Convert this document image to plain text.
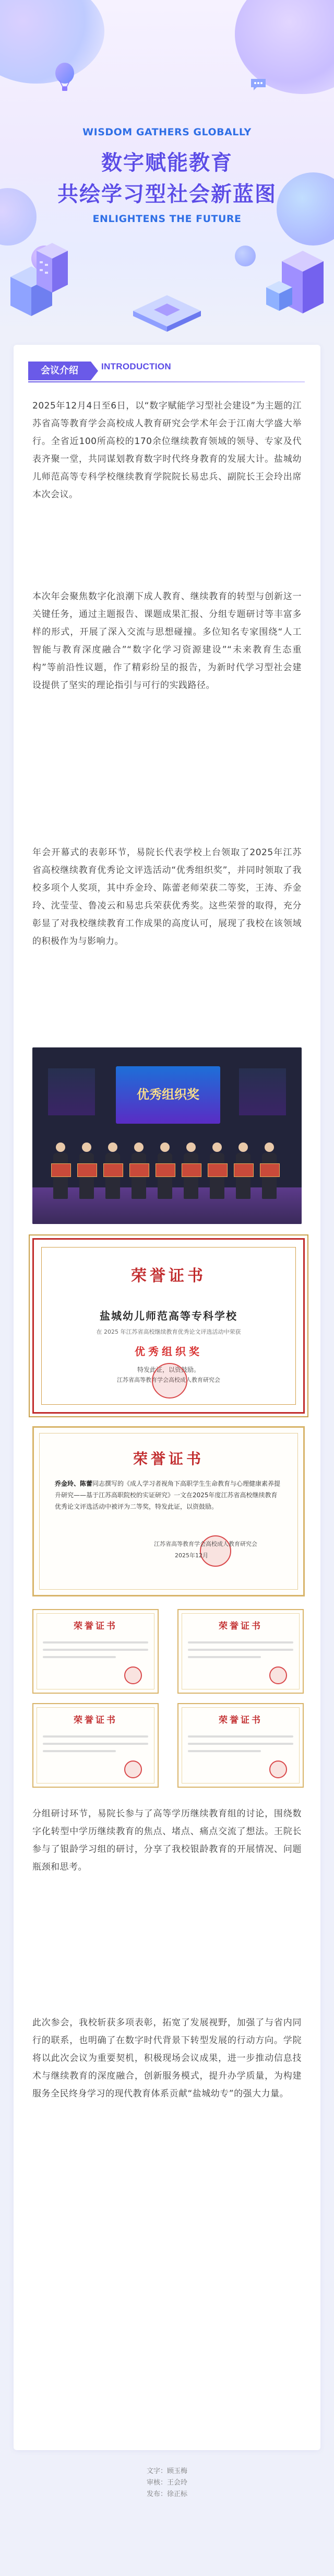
WISDOM GATHERS GLOBALLY
数字赋能教育
共绘学习型社会新蓝图
ENLIGHTENS THE FUTURE
会议介绍	INTRODUCTION

2025年12月4日至6日，以“数字赋能学习型社会建设”为主题的江苏省高等教育学会高校成人教育研究会学术年会于江南大学盛大举行。全省近100所高校的170余位继续教育领域的领导、专家及代表齐聚一堂，共同谋划教育数字时代终身教育的发展大计。盐城幼儿师范高等专科学校继续教育学院院长易忠兵、副院长王会玲出席本次会议。

本次年会聚焦数字化浪潮下成人教育、继续教育的转型与创新这一关键任务，通过主题报告、课题成果汇报、分组专题研讨等丰富多样的形式，开展了深入交流与思想碰撞。多位知名专家围绕“人工智能与教育深度融合”“数字化学习资源建设”“未来教育生态重构”等前沿性议题，作了精彩纷呈的报告，为新时代学习型社会建设提供了坚实的理论指引与可行的实践路径。

年会开幕式的表彰环节，易院长代表学校上台领取了2025年江苏省高校继续教育优秀论文评选活动“优秀组织奖”，并同时领取了我校多项个人奖项，其中乔金玲、陈蕾老师荣获二等奖，王涛、乔金玲、沈莹莹、鲁凌云和易忠兵荣获优秀奖。这些荣誉的取得，充分彰显了对我校继续教育工作成果的高度认可，展现了我校在该领域的积极作为与影响力。

优秀组织奖
荣誉证书
盐城幼儿师范高等专科学校
在 2025 年江苏省高校继续教育优秀论文评选活动中荣获
优秀组织奖
特发此证，以资鼓励。
江苏省高等教育学会高校成人教育研究会
荣誉证书
乔金玲、陈蕾同志撰写的《成人学习者视角下高职学生生命教育与心理健康素养提升研究——基于江苏高职院校的实证研究》一文在2025年度江苏省高校继续教育优秀论文评选活动中被评为二等奖，特发此证，以资鼓励。
江苏省高等教育学会高校成人教育研究会
2025年12月
荣誉证书	荣誉证书
荣誉证书	荣誉证书

分组研讨环节，易院长参与了高等学历继续教育组的讨论，围绕数字化转型中学历继续教育的焦点、堵点、痛点交流了想法。王院长参与了银龄学习组的研讨，分享了我校银龄教育的开展情况、问题瓶颈和思考。

此次参会，我校斩获多项表彰，拓宽了发展视野，加强了与省内同行的联系，也明确了在数字时代背景下转型发展的行动方向。学院将以此次会议为重要契机，积极现场会议成果，进一步推动信息技术与继续教育的深度融合，创新服务模式，提升办学质量，为构建服务全民终身学习的现代教育体系贡献“盐城幼专”的强大力量。

文字：顾玉梅
审核：王会玲
发布：徐正标
